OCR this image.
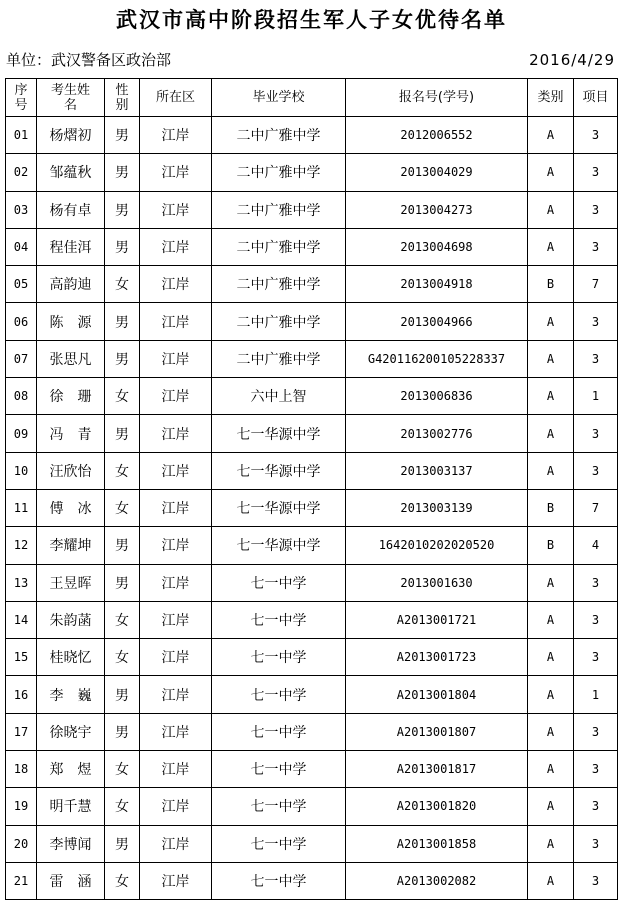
武汉市高中阶段招生军人子女优待名单
单位：武汉警备区政治部	2016/4/29
序号	考生姓名	性别	所在区	毕业学校	报名号(学号)	类别	项目
01	杨熠初	男	江岸	二中广雅中学	2012006552	A	3
02	邹蕴秋	男	江岸	二中广雅中学	2013004029	A	3
03	杨有卓	男	江岸	二中广雅中学	2013004273	A	3
04	程佳洱	男	江岸	二中广雅中学	2013004698	A	3
05	高韵迪	女	江岸	二中广雅中学	2013004918	B	7
06	陈　源	男	江岸	二中广雅中学	2013004966	A	3
07	张思凡	男	江岸	二中广雅中学	G420116200105228337	A	3
08	徐　珊	女	江岸	六中上智	2013006836	A	1
09	冯　青	男	江岸	七一华源中学	2013002776	A	3
10	汪欣怡	女	江岸	七一华源中学	2013003137	A	3
11	傅　冰	女	江岸	七一华源中学	2013003139	B	7
12	李耀坤	男	江岸	七一华源中学	1642010202020520	B	4
13	王昱晖	男	江岸	七一中学	2013001630	A	3
14	朱韵菡	女	江岸	七一中学	A2013001721	A	3
15	桂晓忆	女	江岸	七一中学	A2013001723	A	3
16	李　巍	男	江岸	七一中学	A2013001804	A	1
17	徐晓宇	男	江岸	七一中学	A2013001807	A	3
18	郑　煜	女	江岸	七一中学	A2013001817	A	3
19	明千慧	女	江岸	七一中学	A2013001820	A	3
20	李博闻	男	江岸	七一中学	A2013001858	A	3
21	雷　涵	女	江岸	七一中学	A2013002082	A	3
